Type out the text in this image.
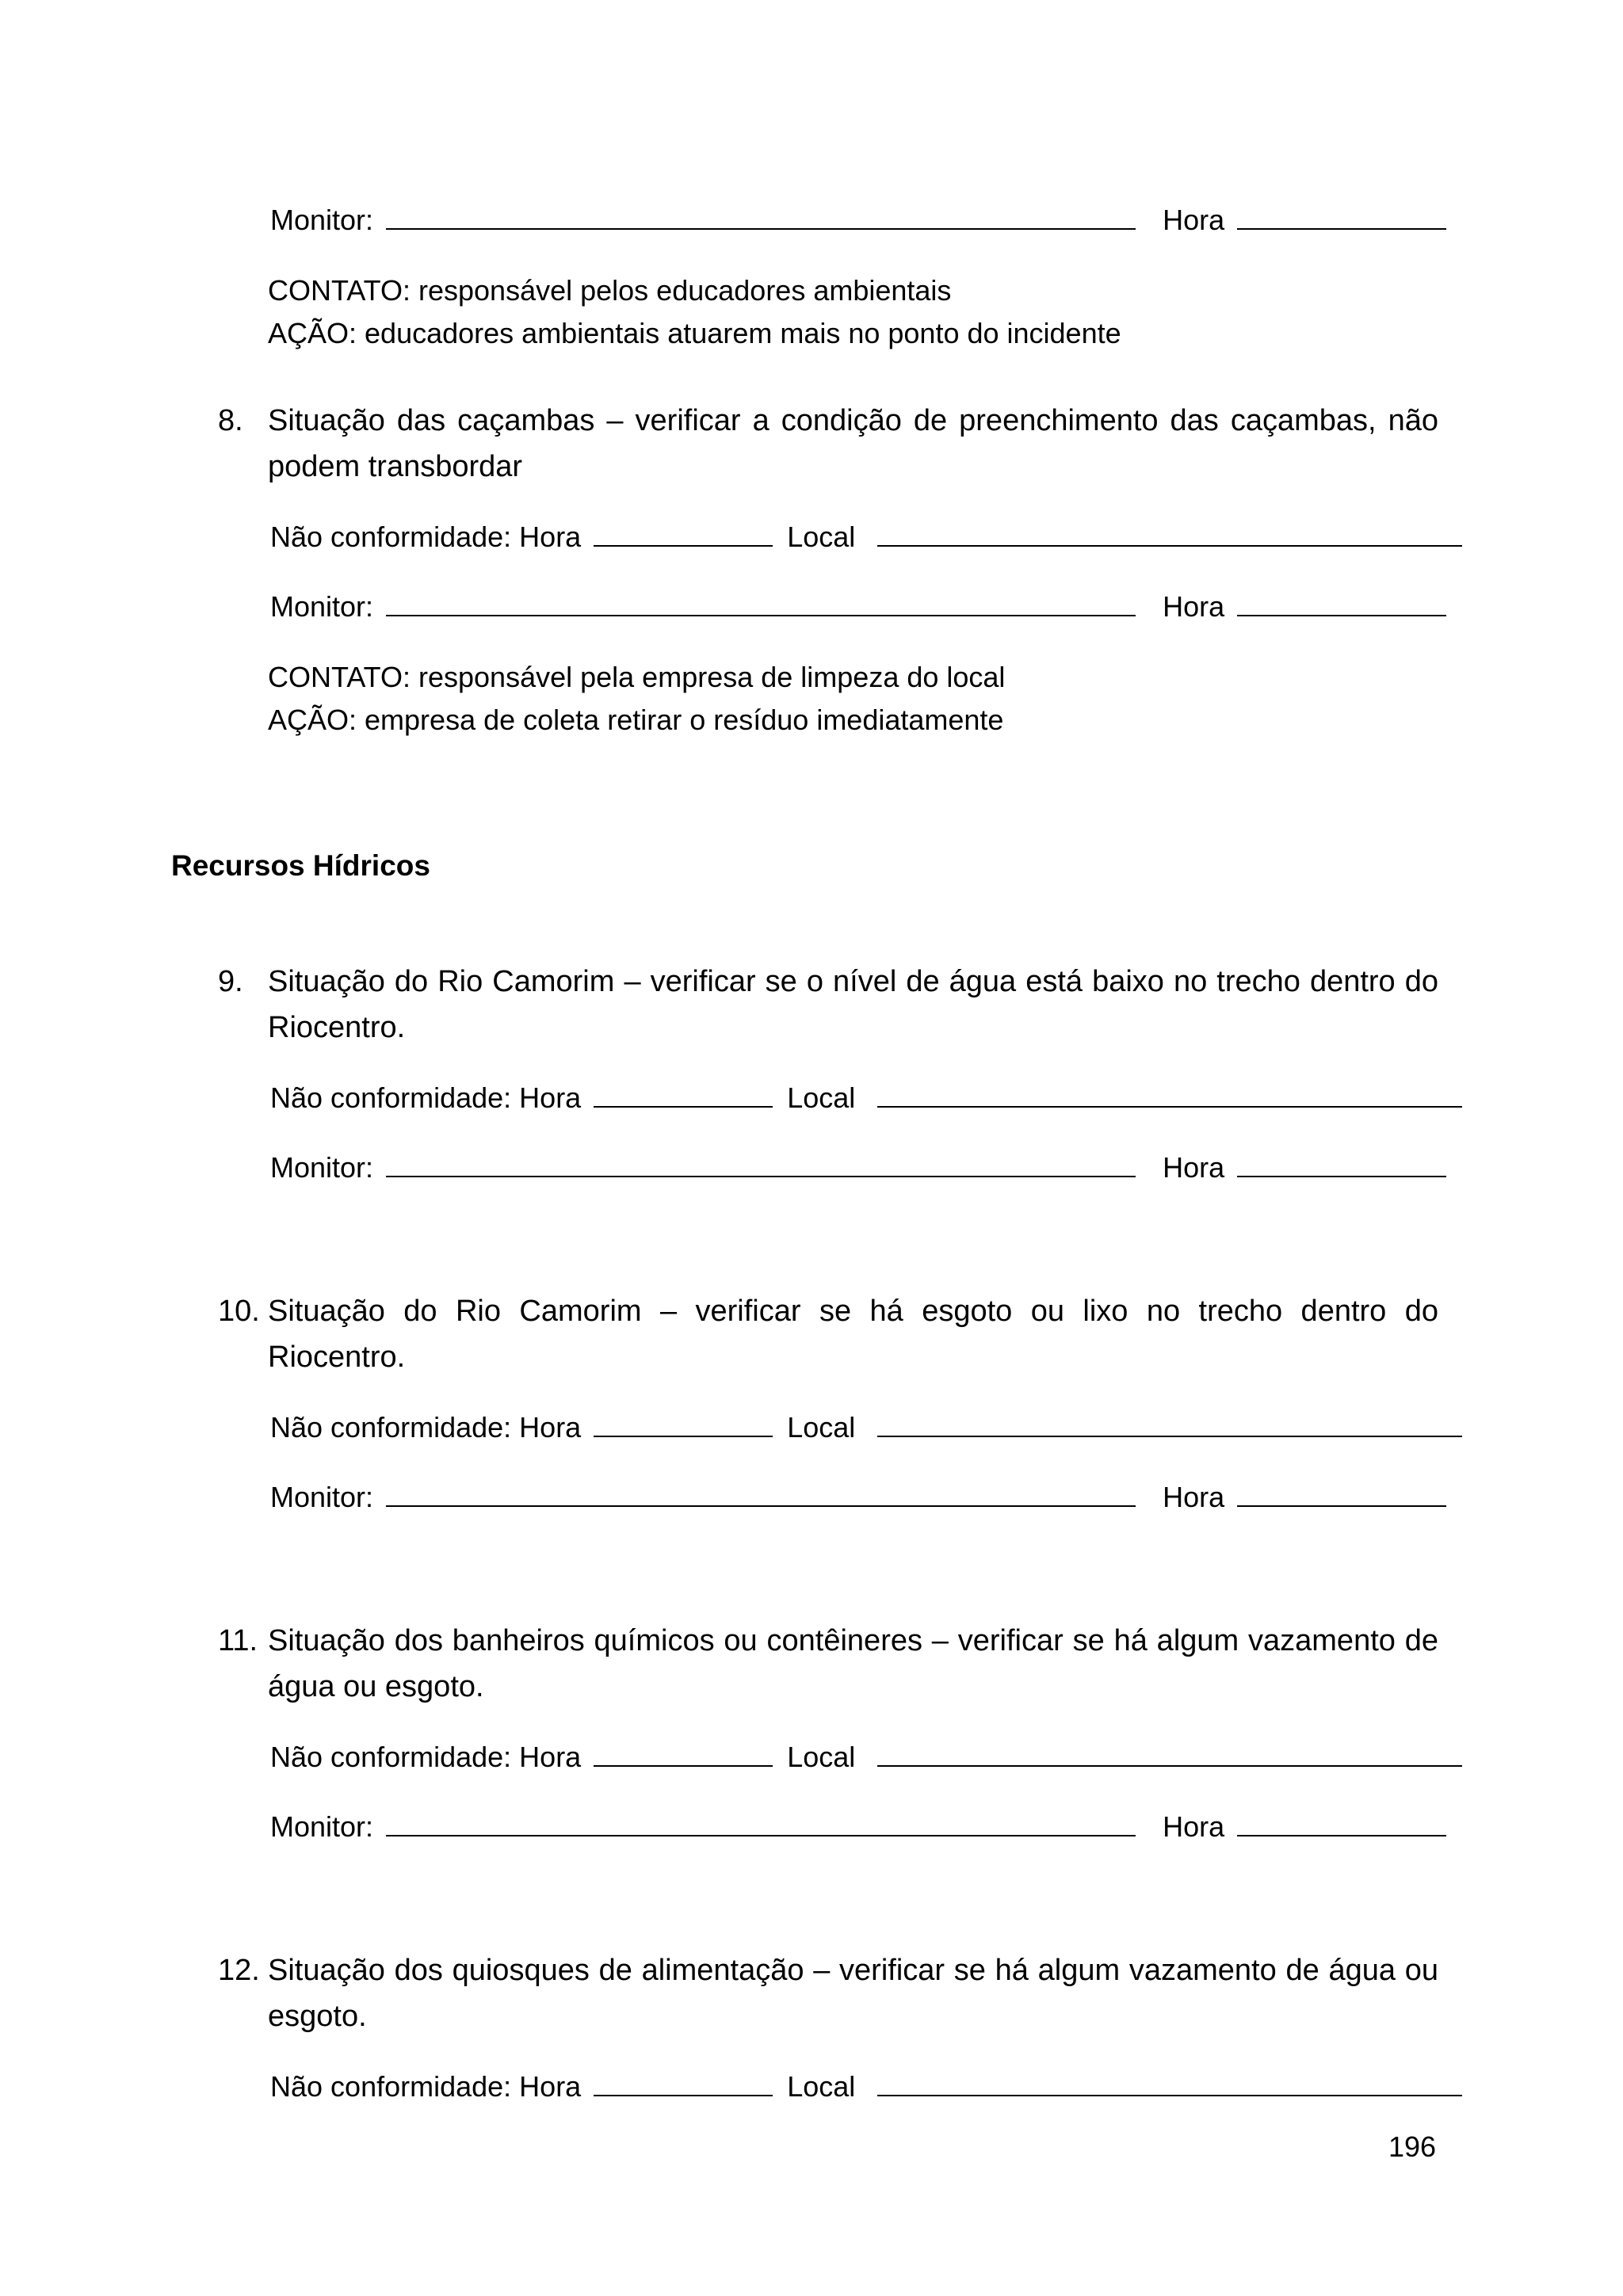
Monitor:	Hora
CONTATO: responsável pelos educadores ambientais
AÇÃO: educadores ambientais atuarem mais no ponto do incidente
8. Situação das caçambas – verificar a condição de preenchimento das caçambas, não podem transbordar
Não conformidade: Hora	Local
Monitor:	Hora
CONTATO: responsável pela empresa de limpeza do local
AÇÃO: empresa de coleta retirar o resíduo imediatamente
Recursos Hídricos
9. Situação do Rio Camorim – verificar se o nível de água está baixo no trecho dentro do Riocentro.
Não conformidade: Hora	Local
Monitor:	Hora
10. Situação do Rio Camorim – verificar se há esgoto ou lixo no trecho dentro do Riocentro.
Não conformidade: Hora	Local
Monitor:	Hora
11. Situação dos banheiros químicos ou contêineres – verificar se há algum vazamento de água ou esgoto.
Não conformidade: Hora	Local
Monitor:	Hora
12. Situação dos quiosques de alimentação – verificar se há algum vazamento de água ou esgoto.
Não conformidade: Hora	Local
196
